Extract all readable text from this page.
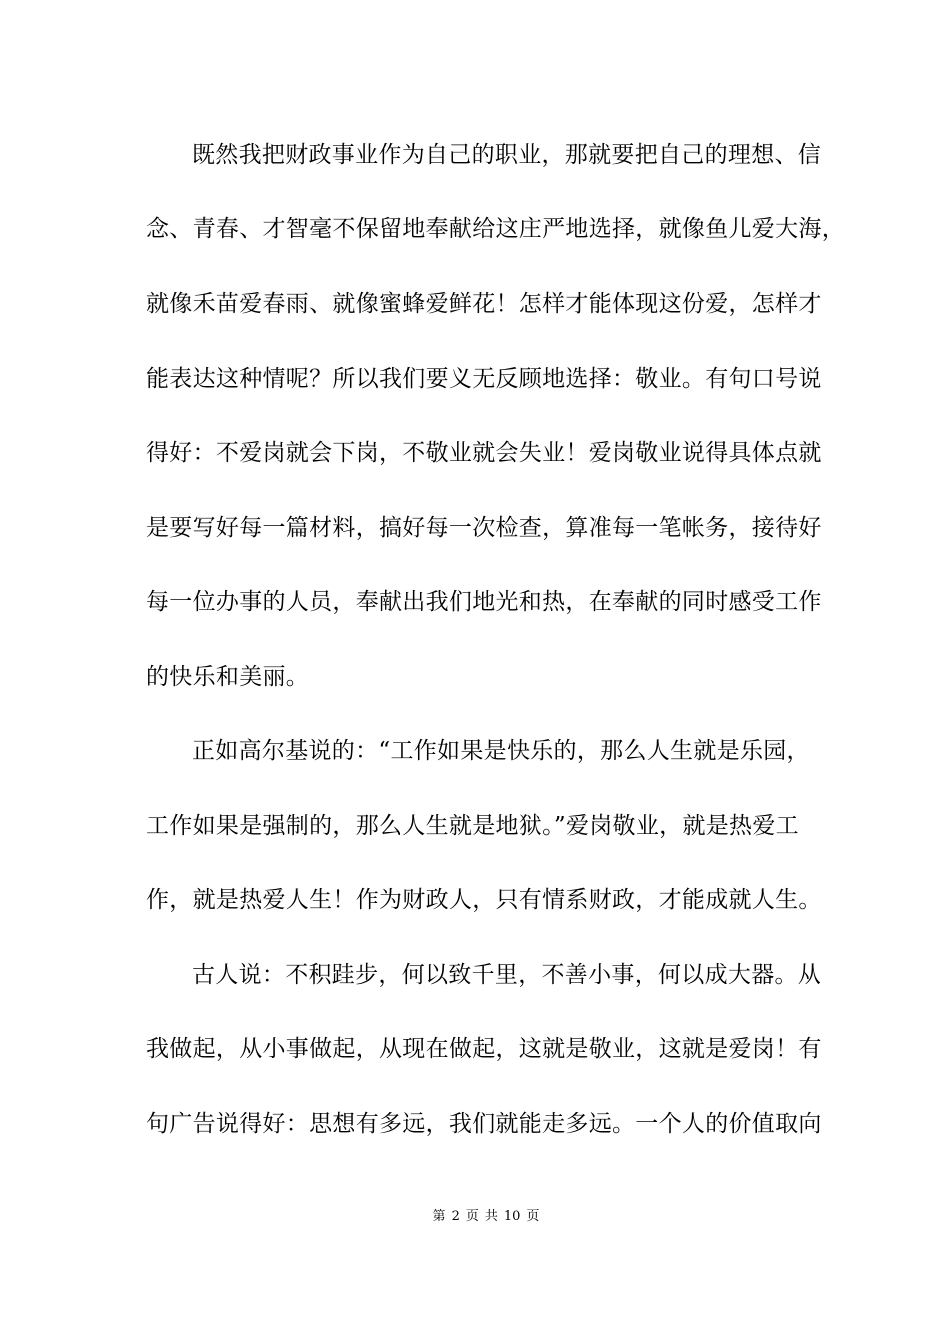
既然我把财政事业作为自己的职业，那就要把自己的理想、信
念、青春、才智毫不保留地奉献给这庄严地选择，就像鱼儿爱大海，
就像禾苗爱春雨、就像蜜蜂爱鲜花！怎样才能体现这份爱，怎样才
能表达这种情呢？所以我们要义无反顾地选择：敬业。有句口号说
得好：不爱岗就会下岗，不敬业就会失业！爱岗敬业说得具体点就
是要写好每一篇材料，搞好每一次检查，算准每一笔帐务，接待好
每一位办事的人员，奉献出我们地光和热，在奉献的同时感受工作
的快乐和美丽。
正如高尔基说的：“工作如果是快乐的，那么人生就是乐园，
工作如果是强制的，那么人生就是地狱。”爱岗敬业，就是热爱工
作，就是热爱人生！作为财政人，只有情系财政，才能成就人生。
古人说：不积跬步，何以致千里，不善小事，何以成大器。从
我做起，从小事做起，从现在做起，这就是敬业，这就是爱岗！有
句广告说得好：思想有多远，我们就能走多远。一个人的价值取向
第 2 页 共 10 页
